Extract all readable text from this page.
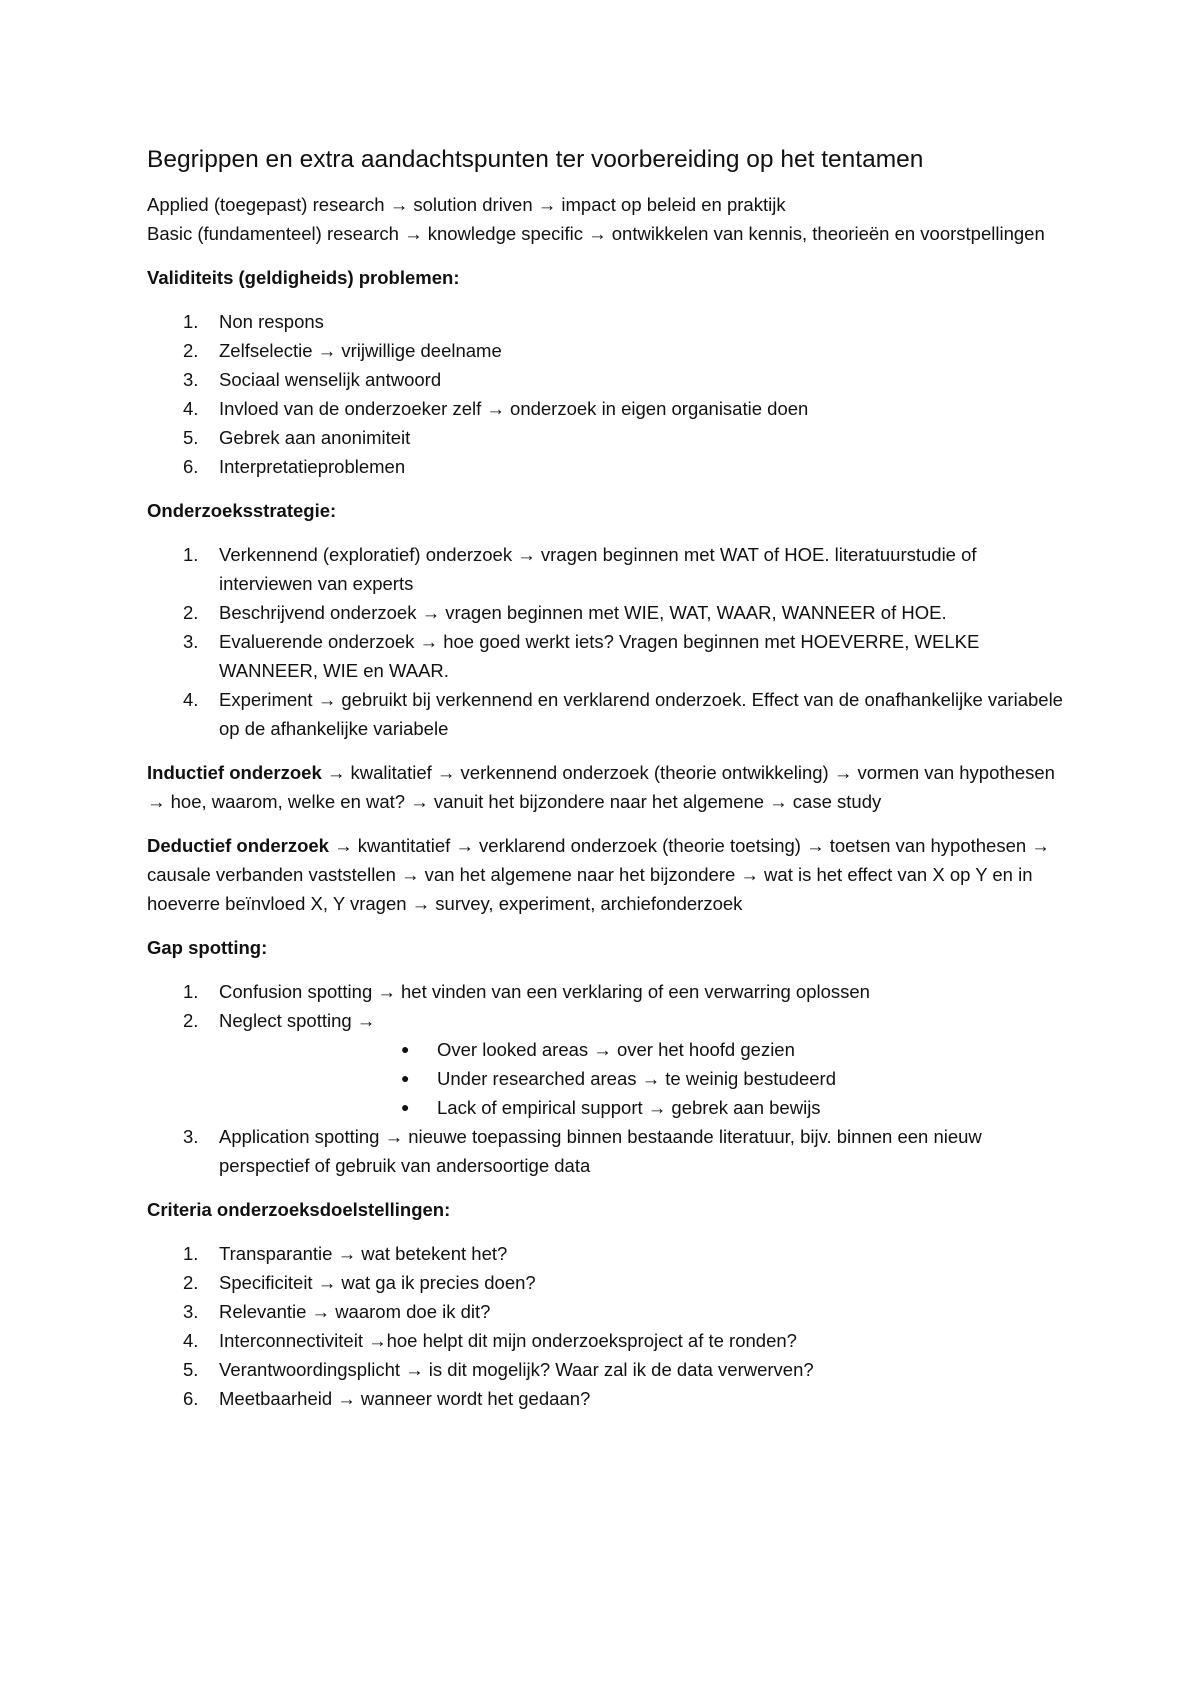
Begrippen en extra aandachtspunten ter voorbereiding op het tentamen

Applied (toegepast) research → solution driven → impact op beleid en praktijk

Basic (fundamenteel) research → knowledge specific → ontwikkelen van kennis, theorieën en voorstpellingen

Validiteits (geldigheids) problemen:

1.	Non respons
2.	Zelfselectie → vrijwillige deelname
3.	Sociaal wenselijk antwoord
4.	Invloed van de onderzoeker zelf → onderzoek in eigen organisatie doen
5.	Gebrek aan anonimiteit
6.	Interpretatieproblemen

Onderzoeksstrategie:

1.	Verkennend (exploratief) onderzoek → vragen beginnen met WAT of HOE. literatuurstudie of interviewen van experts
2.	Beschrijvend onderzoek → vragen beginnen met WIE, WAT, WAAR, WANNEER of HOE.
3.	Evaluerende onderzoek → hoe goed werkt iets? Vragen beginnen met HOEVERRE, WELKE WANNEER, WIE en WAAR.
4.	Experiment → gebruikt bij verkennend en verklarend onderzoek. Effect van de onafhankelijke variabele op de afhankelijke variabele

Inductief onderzoek → kwalitatief → verkennend onderzoek (theorie ontwikkeling) → vormen van hypothesen → hoe, waarom, welke en wat? → vanuit het bijzondere naar het algemene → case study

Deductief onderzoek → kwantitatief → verklarend onderzoek (theorie toetsing) → toetsen van hypothesen → causale verbanden vaststellen → van het algemene naar het bijzondere → wat is het effect van X op Y en in hoeverre beïnvloed X, Y vragen → survey, experiment, archiefonderzoek

Gap spotting:

1.	Confusion spotting → het vinden van een verklaring of een verwarring oplossen
2.	Neglect spotting →
● Over looked areas → over het hoofd gezien
● Under researched areas → te weinig bestudeerd
● Lack of empirical support → gebrek aan bewijs
3.	Application spotting → nieuwe toepassing binnen bestaande literatuur, bijv. binnen een nieuw perspectief of gebruik van andersoortige data

Criteria onderzoeksdoelstellingen:

1.	Transparantie → wat betekent het?
2.	Specificiteit → wat ga ik precies doen?
3.	Relevantie → waarom doe ik dit?
4.	Interconnectiviteit →hoe helpt dit mijn onderzoeksproject af te ronden?
5.	Verantwoordingsplicht → is dit mogelijk? Waar zal ik de data verwerven?
6.	Meetbaarheid → wanneer wordt het gedaan?
